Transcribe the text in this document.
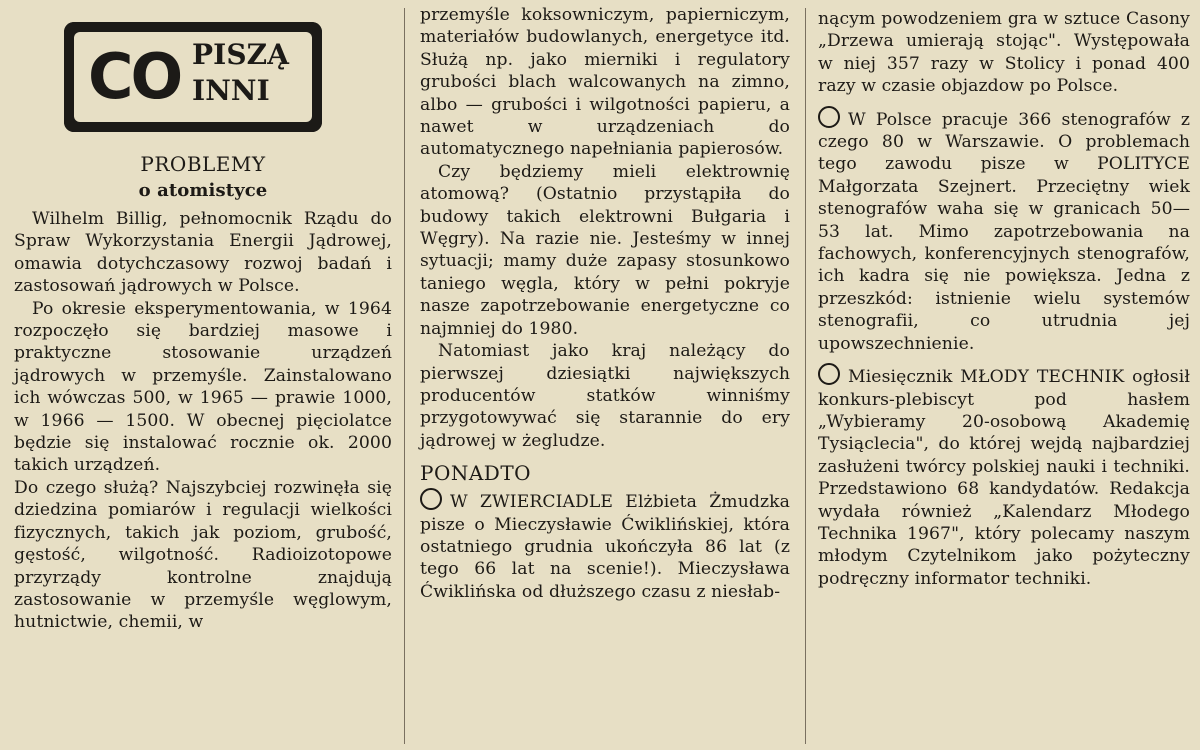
CO PISZĄ
INNI
PROBLEMY
o atomistyce

Wilhelm Billig, pełnomocnik Rządu do Spraw Wykorzystania Energii Jądrowej, omawia dotychczasowy rozwoj badań i zastosowań jądrowych w Polsce.

Po okresie eksperymentowania, w 1964 rozpoczęło się bardziej masowe i praktyczne stosowanie urządzeń jądrowych w przemyśle. Zainstalowano ich wówczas 500, w 1965 — prawie 1000, w 1966 — 1500. W obecnej pięciolatce będzie się instalować rocznie ok. 2000 takich urządzeń.

Do czego służą? Najszybciej rozwinęła się dziedzina pomiarów i regulacji wielkości fizycznych, takich jak poziom, grubość, gęstość, wilgotność. Radioizotopowe przyrządy kontrolne znajdują zastosowanie w przemyśle węglowym, hutnictwie, chemii, w

przemyśle koksowniczym, papierniczym, materiałów budowlanych, energetyce itd. Służą np. jako mierniki i regulatory grubości blach walcowanych na zimno, albo — grubości i wilgotności papieru, a nawet w urządzeniach do automatycznego napełniania papierosów.

Czy będziemy mieli elektrownię atomową? (Ostatnio przystąpiła do budowy takich elektrowni Bułgaria i Węgry). Na razie nie. Jesteśmy w innej sytuacji; mamy duże zapasy stosunkowo taniego węgla, który w pełni pokryje nasze zapotrzebowanie energetyczne co najmniej do 1980.

Natomiast jako kraj należący do pierwszej dziesiątki największych producentów statków winniśmy przygotowywać się starannie do ery jądrowej w żegludze.

PONADTO

W ZWIERCIADLE Elżbieta Żmudzka pisze o Mieczysławie Ćwiklińskiej, która ostatniego grudnia ukończyła 86 lat (z tego 66 lat na scenie!). Mieczysława Ćwiklińska od dłuższego czasu z niesłab-

nącym powodzeniem gra w sztuce Casony „Drzewa umierają stojąc". Występowała w niej 357 razy w Stolicy i ponad 400 razy w czasie objazdow po Polsce.

W Polsce pracuje 366 stenografów z czego 80 w Warszawie. O problemach tego zawodu pisze w POLITYCE Małgorzata Szejnert. Przeciętny wiek stenografów waha się w granicach 50—53 lat. Mimo zapotrzebowania na fachowych, konferencyjnych stenografów, ich kadra się nie powiększa. Jedna z przeszkód: istnienie wielu systemów stenografii, co utrudnia jej upowszechnienie.

Miesięcznik MŁODY TECHNIK ogłosił konkurs-plebiscyt pod hasłem „Wybieramy 20-osobową Akademię Tysiąclecia", do której wejdą najbardziej zasłużeni twórcy polskiej nauki i techniki. Przedstawiono 68 kandydatów. Redakcja wydała również „Kalendarz Młodego Technika 1967", który polecamy naszym młodym Czytelnikom jako pożyteczny podręczny informator techniki.
